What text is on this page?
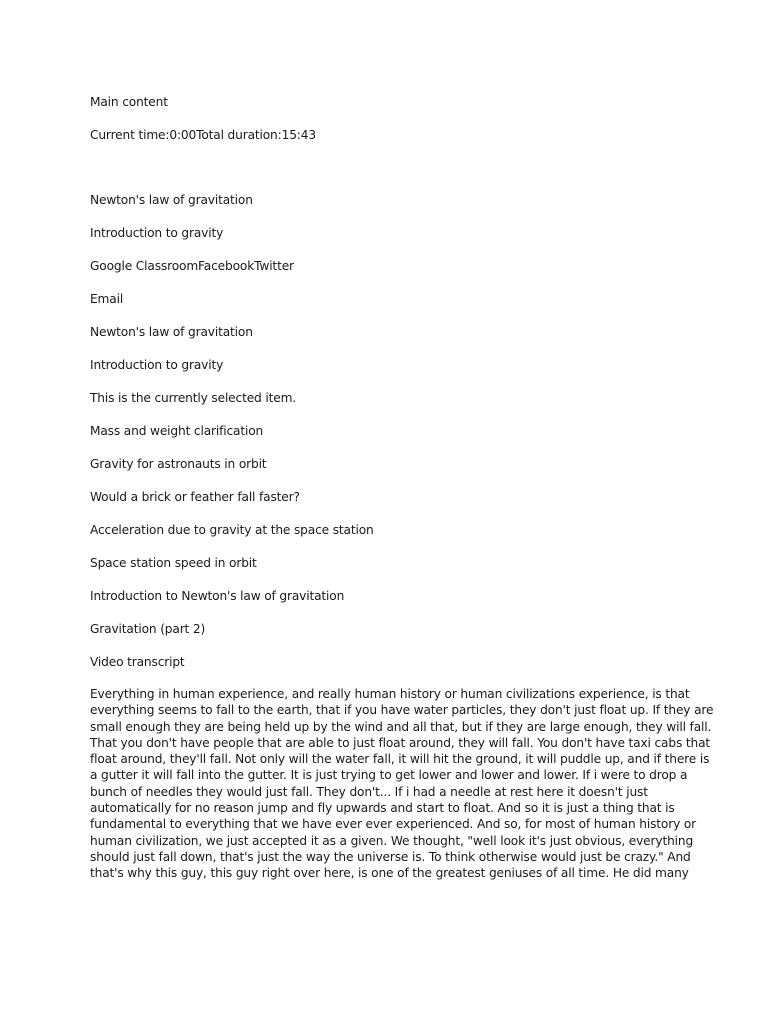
Main content
Current time:0:00Total duration:15:43
Newton's law of gravitation
Introduction to gravity
Google ClassroomFacebookTwitter
Email
Newton's law of gravitation
Introduction to gravity
This is the currently selected item.
Mass and weight clarification
Gravity for astronauts in orbit
Would a brick or feather fall faster?
Acceleration due to gravity at the space station
Space station speed in orbit
Introduction to Newton's law of gravitation
Gravitation (part 2)
Video transcript
Everything in human experience, and really human history or human civilizations experience, is that
everything seems to fall to the earth, that if you have water particles, they don't just float up. If they are
small enough they are being held up by the wind and all that, but if they are large enough, they will fall.
That you don't have people that are able to just float around, they will fall. You don't have taxi cabs that
float around, they'll fall. Not only will the water fall, it will hit the ground, it will puddle up, and if there is
a gutter it will fall into the gutter. It is just trying to get lower and lower and lower. If i were to drop a
bunch of needles they would just fall. They don't... If i had a needle at rest here it doesn't just
automatically for no reason jump and fly upwards and start to float. And so it is just a thing that is
fundamental to everything that we have ever ever experienced. And so, for most of human history or
human civilization, we just accepted it as a given. We thought, "well look it's just obvious, everything
should just fall down, that's just the way the universe is. To think otherwise would just be crazy." And
that's why this guy, this guy right over here, is one of the greatest geniuses of all time. He did many
